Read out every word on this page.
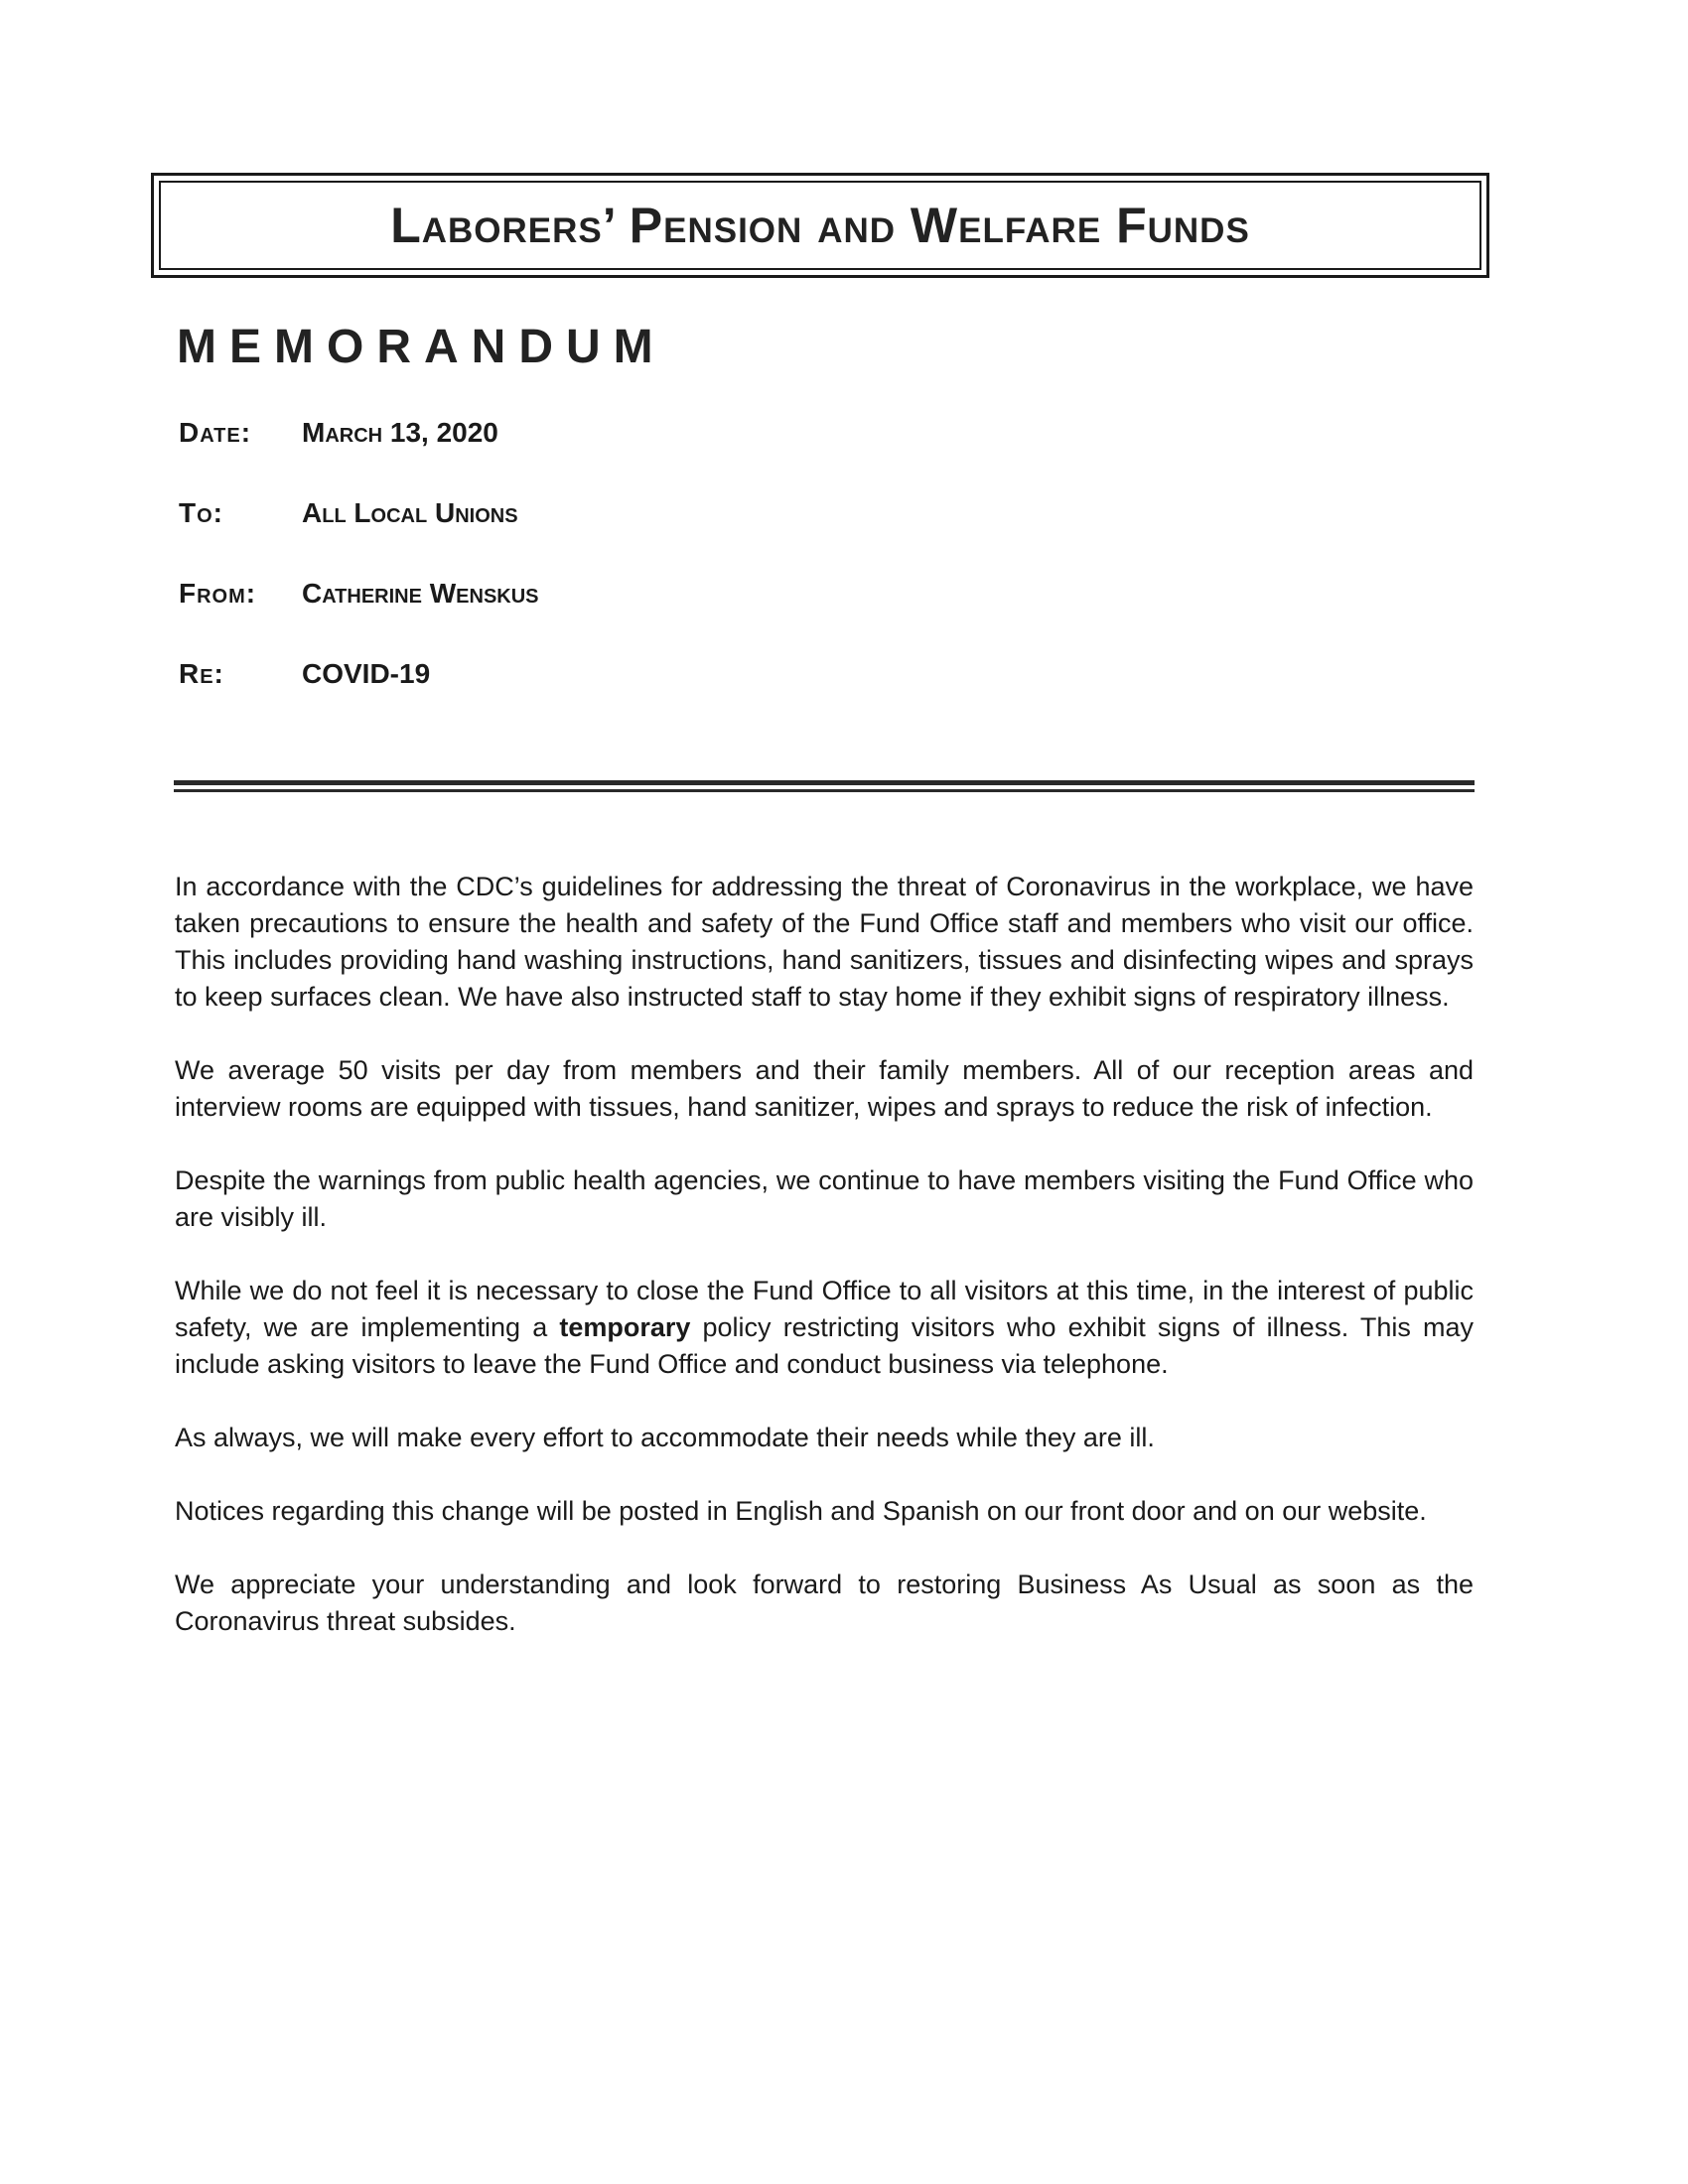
Laborers’ Pension and Welfare Funds
MEMORANDUM
Date:	March 13, 2020
To:	All Local Unions
From:	Catherine Wenskus
Re:	COVID-19

In accordance with the CDC’s guidelines for addressing the threat of Coronavirus in the workplace, we have taken precautions to ensure the health and safety of the Fund Office staff and members who visit our office. This includes providing hand washing instructions, hand sanitizers, tissues and disinfecting wipes and sprays to keep surfaces clean. We have also instructed staff to stay home if they exhibit signs of respiratory illness.

We average 50 visits per day from members and their family members. All of our reception areas and interview rooms are equipped with tissues, hand sanitizer, wipes and sprays to reduce the risk of infection.

Despite the warnings from public health agencies, we continue to have members visiting the Fund Office who are visibly ill.

While we do not feel it is necessary to close the Fund Office to all visitors at this time, in the interest of public safety, we are implementing a temporary policy restricting visitors who exhibit signs of illness. This may include asking visitors to leave the Fund Office and conduct business via telephone.

As always, we will make every effort to accommodate their needs while they are ill.

Notices regarding this change will be posted in English and Spanish on our front door and on our website.

We appreciate your understanding and look forward to restoring Business As Usual as soon as the Coronavirus threat subsides.
